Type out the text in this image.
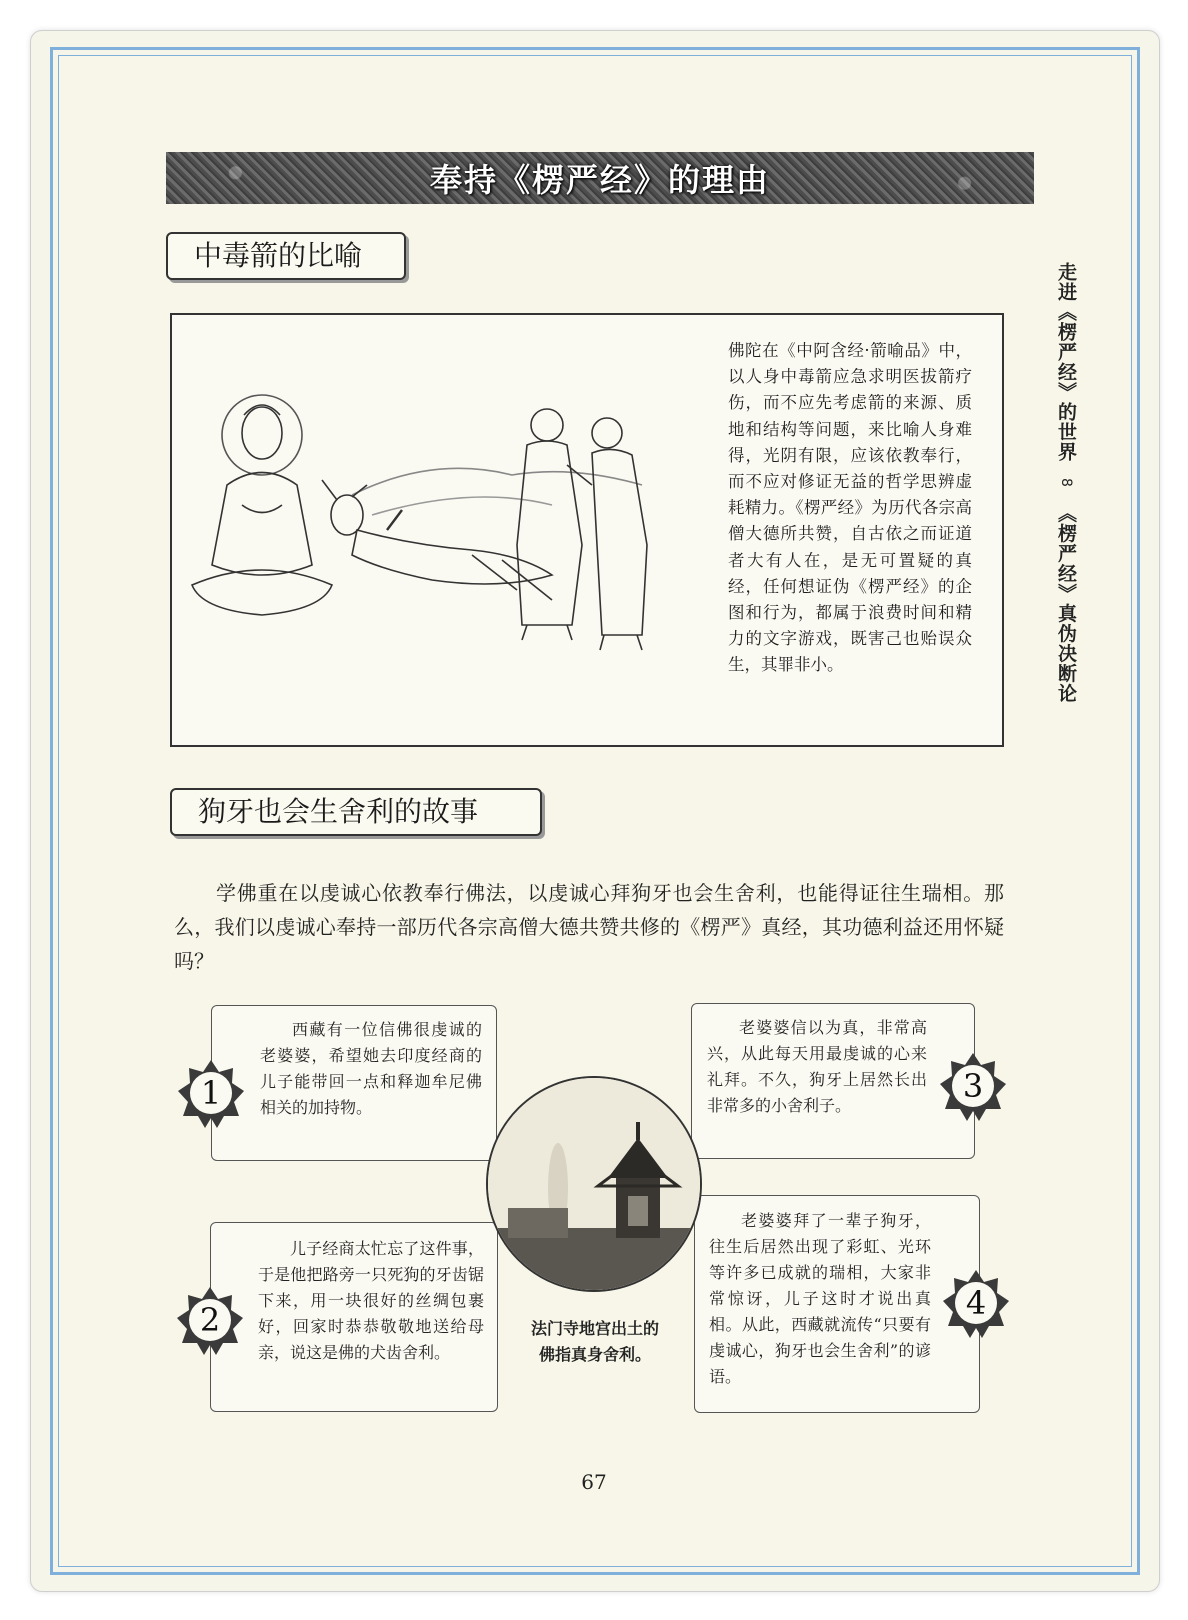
奉持《楞严经》的理由
走进《楞严经》的世界 8 《楞严经》真伪决断论
中毒箭的比喻
佛陀在《中阿含经·箭喻品》中，以人身中毒箭应急求明医拔箭疗伤，而不应先考虑箭的来源、质地和结构等问题，来比喻人身难得，光阴有限，应该依教奉行，而不应对修证无益的哲学思辨虚耗精力。《楞严经》为历代各宗高僧大德所共赞，自古依之而证道者大有人在，是无可置疑的真经，任何想证伪《楞严经》的企图和行为，都属于浪费时间和精力的文字游戏，既害己也贻误众生，其罪非小。
狗牙也会生舍利的故事
学佛重在以虔诚心依教奉行佛法，以虔诚心拜狗牙也会生舍利，也能得证往生瑞相。那么，我们以虔诚心奉持一部历代各宗高僧大德共赞共修的《楞严》真经，其功德利益还用怀疑吗？
西藏有一位信佛很虔诚的老婆婆，希望她去印度经商的儿子能带回一点和释迦牟尼佛相关的加持物。
1
老婆婆信以为真，非常高兴，从此每天用最虔诚的心来礼拜。不久，狗牙上居然长出非常多的小舍利子。
3
儿子经商太忙忘了这件事，于是他把路旁一只死狗的牙齿锯下来，用一块很好的丝绸包裹好，回家时恭恭敬敬地送给母亲，说这是佛的犬齿舍利。
2
老婆婆拜了一辈子狗牙，往生后居然出现了彩虹、光环等许多已成就的瑞相，大家非常惊讶，儿子这时才说出真相。从此，西藏就流传“只要有虔诚心，狗牙也会生舍利”的谚语。
4
法门寺地宫出土的佛指真身舍利。
67
